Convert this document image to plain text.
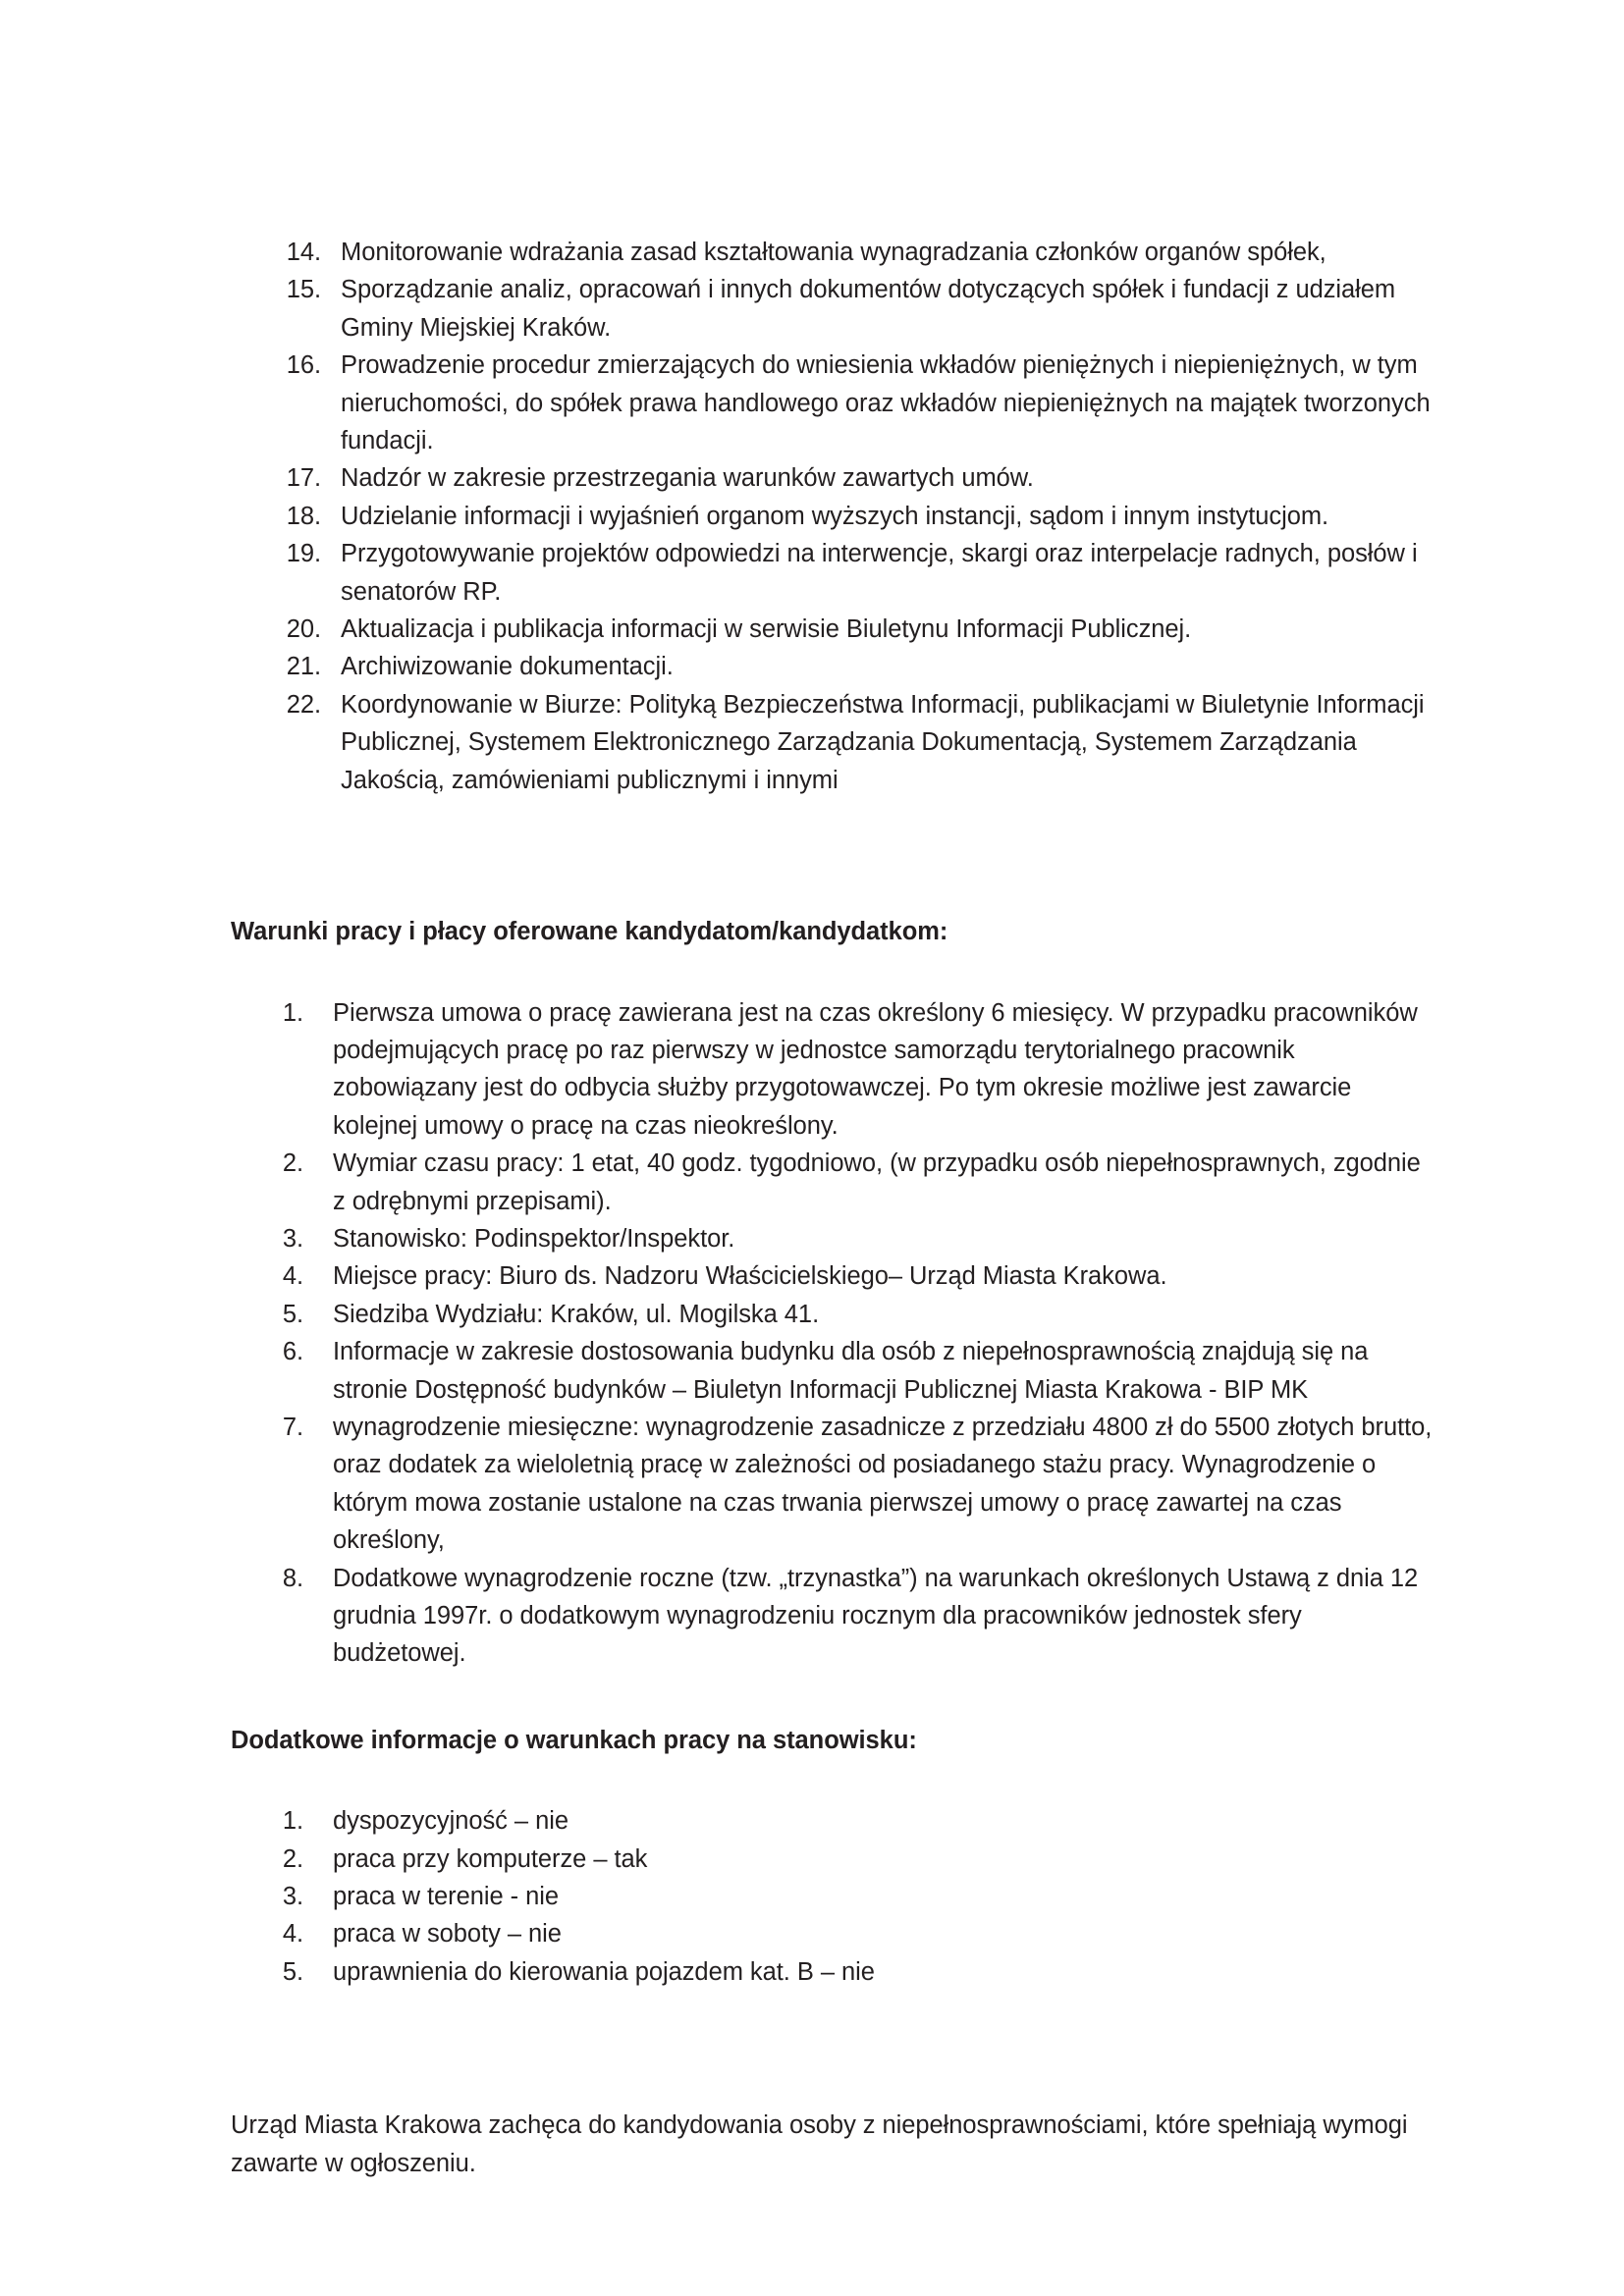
14. Monitorowanie wdrażania zasad kształtowania wynagradzania członków organów spółek,
15. Sporządzanie analiz, opracowań i innych dokumentów dotyczących spółek i fundacji z udziałem Gminy Miejskiej Kraków.
16. Prowadzenie procedur zmierzających do wniesienia wkładów pieniężnych i niepieniężnych, w tym nieruchomości, do spółek prawa handlowego oraz wkładów niepieniężnych na majątek tworzonych fundacji.
17. Nadzór w zakresie przestrzegania warunków zawartych umów.
18. Udzielanie informacji i wyjaśnień organom wyższych instancji, sądom i innym instytucjom.
19. Przygotowywanie projektów odpowiedzi na interwencje, skargi oraz interpelacje radnych, posłów i senatorów RP.
20. Aktualizacja i publikacja informacji w serwisie Biuletynu Informacji Publicznej.
21. Archiwizowanie dokumentacji.
22. Koordynowanie w Biurze: Polityką Bezpieczeństwa Informacji, publikacjami w Biuletynie Informacji Publicznej, Systemem Elektronicznego Zarządzania Dokumentacją, Systemem Zarządzania Jakością, zamówieniami publicznymi i innymi
Warunki pracy i płacy oferowane kandydatom/kandydatkom:
1. Pierwsza umowa o pracę zawierana jest na czas określony 6 miesięcy. W przypadku pracowników podejmujących pracę po raz pierwszy w jednostce samorządu terytorialnego pracownik zobowiązany jest do odbycia służby przygotowawczej. Po tym okresie możliwe jest zawarcie kolejnej umowy o pracę na czas nieokreślony.
2. Wymiar czasu pracy: 1 etat, 40 godz. tygodniowo, (w przypadku osób niepełnosprawnych, zgodnie z odrębnymi przepisami).
3. Stanowisko: Podinspektor/Inspektor.
4. Miejsce pracy: Biuro ds. Nadzoru Właścicielskiego– Urząd Miasta Krakowa.
5. Siedziba Wydziału: Kraków, ul. Mogilska 41.
6. Informacje w zakresie dostosowania budynku dla osób z niepełnosprawnością znajdują się na stronie Dostępność budynków – Biuletyn Informacji Publicznej Miasta Krakowa - BIP MK
7. wynagrodzenie miesięczne: wynagrodzenie zasadnicze z przedziału 4800 zł do 5500 złotych brutto, oraz dodatek za wieloletnią pracę w zależności od posiadanego stażu pracy. Wynagrodzenie o którym mowa zostanie ustalone na czas trwania pierwszej umowy o pracę zawartej na czas określony,
8. Dodatkowe wynagrodzenie roczne (tzw. „trzynastka”) na warunkach określonych Ustawą z dnia 12 grudnia 1997r. o dodatkowym wynagrodzeniu rocznym dla pracowników jednostek sfery budżetowej.
Dodatkowe informacje o warunkach pracy na stanowisku:
1. dyspozycyjność – nie
2. praca przy komputerze – tak
3. praca w terenie - nie
4. praca w soboty – nie
5. uprawnienia do kierowania pojazdem kat. B – nie

Urząd Miasta Krakowa zachęca do kandydowania osoby z niepełnosprawnościami, które spełniają wymogi zawarte w ogłoszeniu.
